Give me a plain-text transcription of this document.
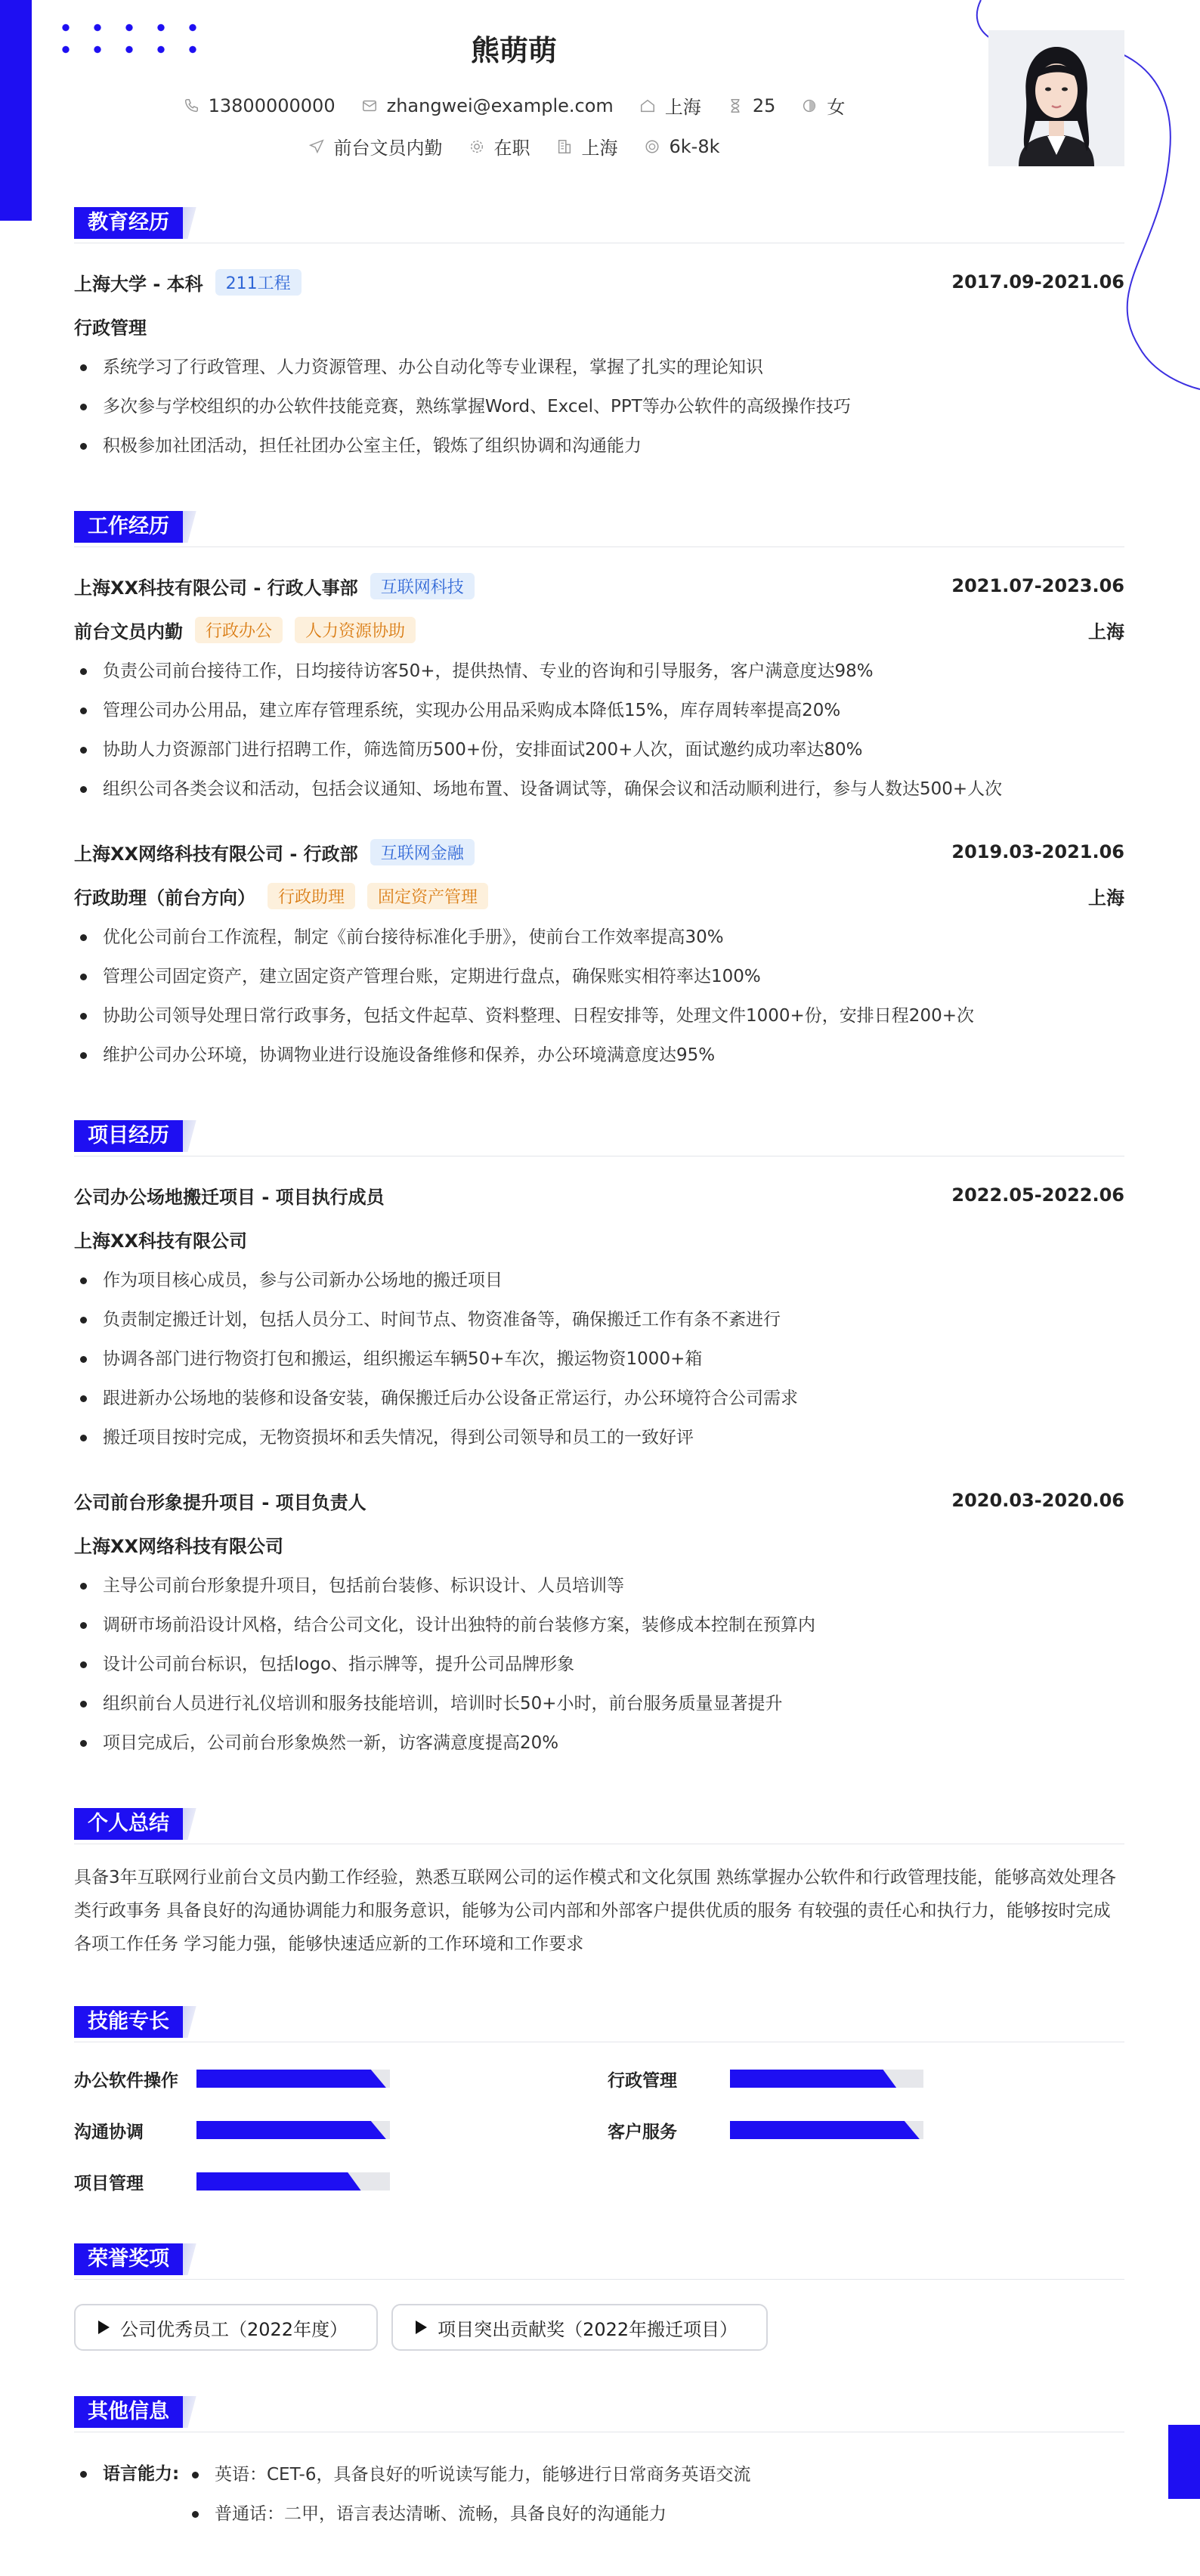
熊萌萌
13800000000	zhangwei@example.com	上海	25	女
前台文员内勤	在职	上海	6k-8k
教育经历
上海大学 - 本科	211工程	2017.09-2021.06
行政管理
系统学习了行政管理、人力资源管理、办公自动化等专业课程，掌握了扎实的理论知识
多次参与学校组织的办公软件技能竞赛，熟练掌握Word、Excel、PPT等办公软件的高级操作技巧
积极参加社团活动，担任社团办公室主任，锻炼了组织协调和沟通能力
工作经历
上海XX科技有限公司 - 行政人事部	互联网科技	2021.07-2023.06
前台文员内勤	行政办公	人力资源协助	上海
负责公司前台接待工作，日均接待访客50+，提供热情、专业的咨询和引导服务，客户满意度达98%
管理公司办公用品，建立库存管理系统，实现办公用品采购成本降低15%，库存周转率提高20%
协助人力资源部门进行招聘工作，筛选简历500+份，安排面试200+人次，面试邀约成功率达80%
组织公司各类会议和活动，包括会议通知、场地布置、设备调试等，确保会议和活动顺利进行，参与人数达500+人次
上海XX网络科技有限公司 - 行政部	互联网金融	2019.03-2021.06
行政助理（前台方向）	行政助理	固定资产管理	上海
优化公司前台工作流程，制定《前台接待标准化手册》，使前台工作效率提高30%
管理公司固定资产，建立固定资产管理台账，定期进行盘点，确保账实相符率达100%
协助公司领导处理日常行政事务，包括文件起草、资料整理、日程安排等，处理文件1000+份，安排日程200+次
维护公司办公环境，协调物业进行设施设备维修和保养，办公环境满意度达95%
项目经历
公司办公场地搬迁项目 - 项目执行成员	2022.05-2022.06
上海XX科技有限公司
作为项目核心成员，参与公司新办公场地的搬迁项目
负责制定搬迁计划，包括人员分工、时间节点、物资准备等，确保搬迁工作有条不紊进行
协调各部门进行物资打包和搬运，组织搬运车辆50+车次，搬运物资1000+箱
跟进新办公场地的装修和设备安装，确保搬迁后办公设备正常运行，办公环境符合公司需求
搬迁项目按时完成，无物资损坏和丢失情况，得到公司领导和员工的一致好评
公司前台形象提升项目 - 项目负责人	2020.03-2020.06
上海XX网络科技有限公司
主导公司前台形象提升项目，包括前台装修、标识设计、人员培训等
调研市场前沿设计风格，结合公司文化，设计出独特的前台装修方案，装修成本控制在预算内
设计公司前台标识，包括logo、指示牌等，提升公司品牌形象
组织前台人员进行礼仪培训和服务技能培训，培训时长50+小时，前台服务质量显著提升
项目完成后，公司前台形象焕然一新，访客满意度提高20%
个人总结

具备3年互联网行业前台文员内勤工作经验，熟悉互联网公司的运作模式和文化氛围 熟练掌握办公软件和行政管理技能，能够高效处理各类行政事务 具备良好的沟通协调能力和服务意识，能够为公司内部和外部客户提供优质的服务 有较强的责任心和执行力，能够按时完成各项工作任务 学习能力强，能够快速适应新的工作环境和工作要求

技能专长
办公软件操作	行政管理
沟通协调	客户服务
项目管理
荣誉奖项
公司优秀员工（2022年度）	项目突出贡献奖（2022年搬迁项目）
其他信息
语言能力:	英语：CET-6，具备良好的听说读写能力，能够进行日常商务英语交流
普通话：二甲，语言表达清晰、流畅，具备良好的沟通能力
